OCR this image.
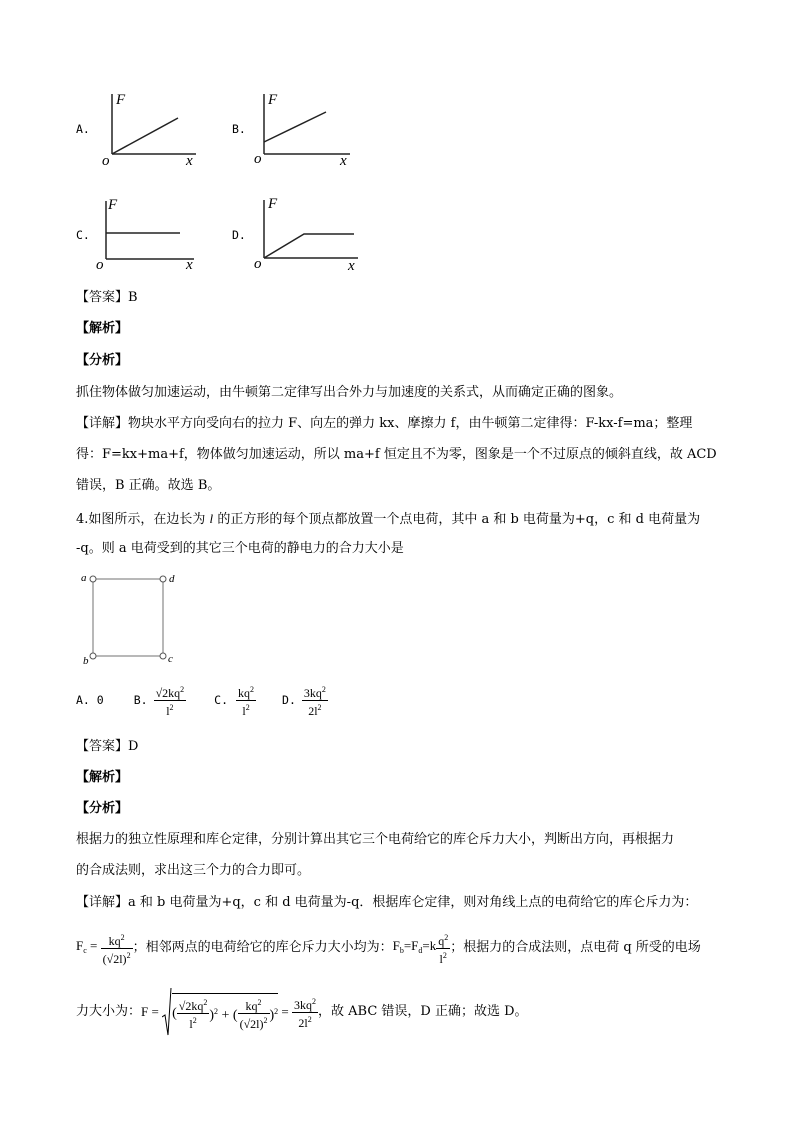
A.
F
x
o
B.
F
x
o
C.
F
x
o
D.
F
x
o
【答案】B
【解析】
【分析】
抓住物体做匀加速运动，由牛顿第二定律写出合外力与加速度的关系式，从而确定正确的图象。
【详解】物块水平方向受向右的拉力 F、向左的弹力 kx、摩擦力 f，由牛顿第二定律得：F-kx-f=ma；整理
得：F=kx+ma+f，物体做匀加速运动，所以 ma+f 恒定且不为零，图象是一个不过原点的倾斜直线，故 ACD
错误，B 正确。故选 B。
4.如图所示，在边长为 l 的正方形的每个顶点都放置一个点电荷，其中 a 和 b 电荷量为+q，c 和 d 电荷量为
-q。则 a 电荷受到的其它三个电荷的静电力的合力大小是
a	d
b	c
A. 0	B. $\frac{√2kq^2}{l^2} C$. $\frac{kq^2}{l^2} D$. $\frac{3kq^2}{2l^2}$
【答案】D
【解析】
【分析】
根据力的独立性原理和库仑定律，分别计算出其它三个电荷给它的库仑斥力大小，判断出方向，再根据力
的合成法则，求出这三个力的合力即可。
【详解】a 和 b 电荷量为+q，c 和 d 电荷量为-q．根据库仑定律，则对角线上点的电荷给它的库仑斥力为：
$F_c = \frac{kq^2}{(√2l)^2}$ ；相邻两点的电荷给它的库仑斥力大小均为： $F_b=F_d=k \frac{q^2}{l^2}$ ；根据力的合成法则，点电荷 q 所受的电场
力大小为： F = ( $\frac{√2kq^2}{l^2} )^2$ + ( $\frac{kq^2}{(√2l)^2} )^2 = \frac{3kq^2}{2l^2}$ ，故 ABC 错误，D 正确；故选 D。
